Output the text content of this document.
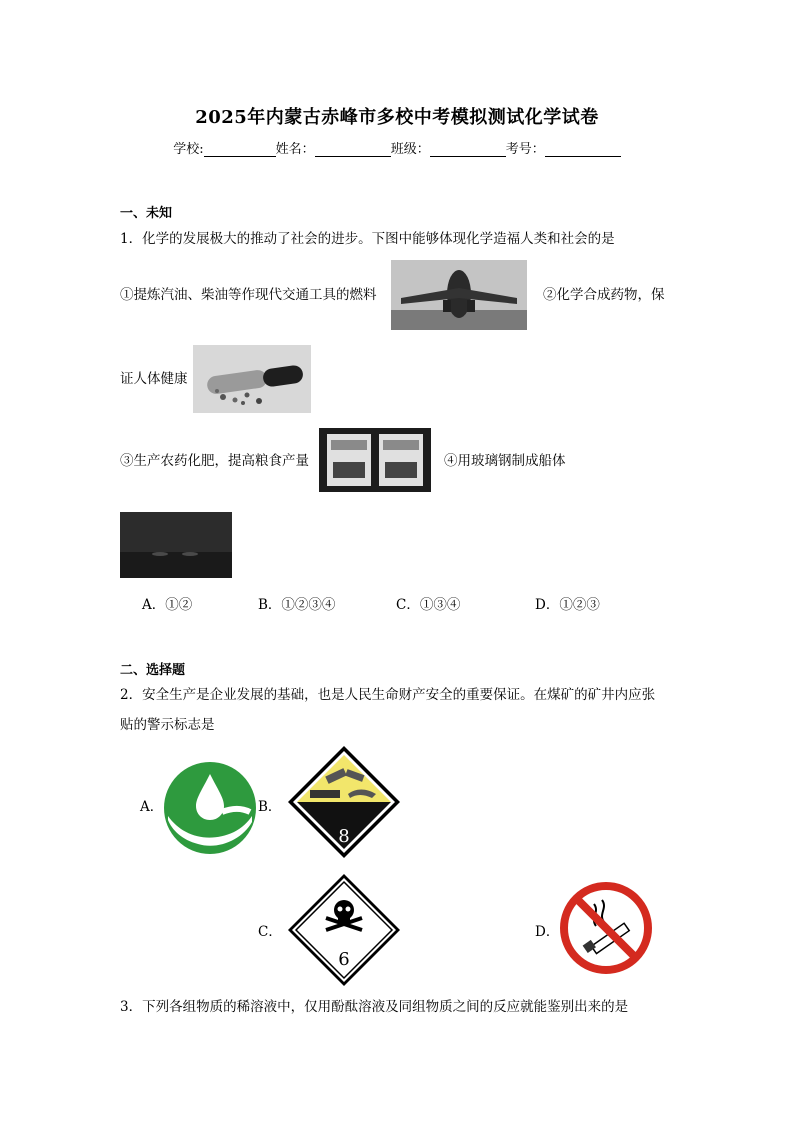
2025年内蒙古赤峰市多校中考模拟测试化学试卷
学校:	姓名：	班级：	考号：
一、未知
1．化学的发展极大的推动了社会的进步。下图中能够体现化学造福人类和社会的是
①提炼汽油、柴油等作现代交通工具的燃料	②化学合成药物，保
证人体健康
③生产农药化肥，提高粮食产量	④用玻璃钢制成船体
A．①②	B．①②③④	C．①③④	D．①②③
二、选择题
2．安全生产是企业发展的基础，也是人民生命财产安全的重要保证。在煤矿的矿井内应张
贴的警示标志是
A．	B．
8
C．
6
D．
3．下列各组物质的稀溶液中，仅用酚酞溶液及同组物质之间的反应就能鉴别出来的是
